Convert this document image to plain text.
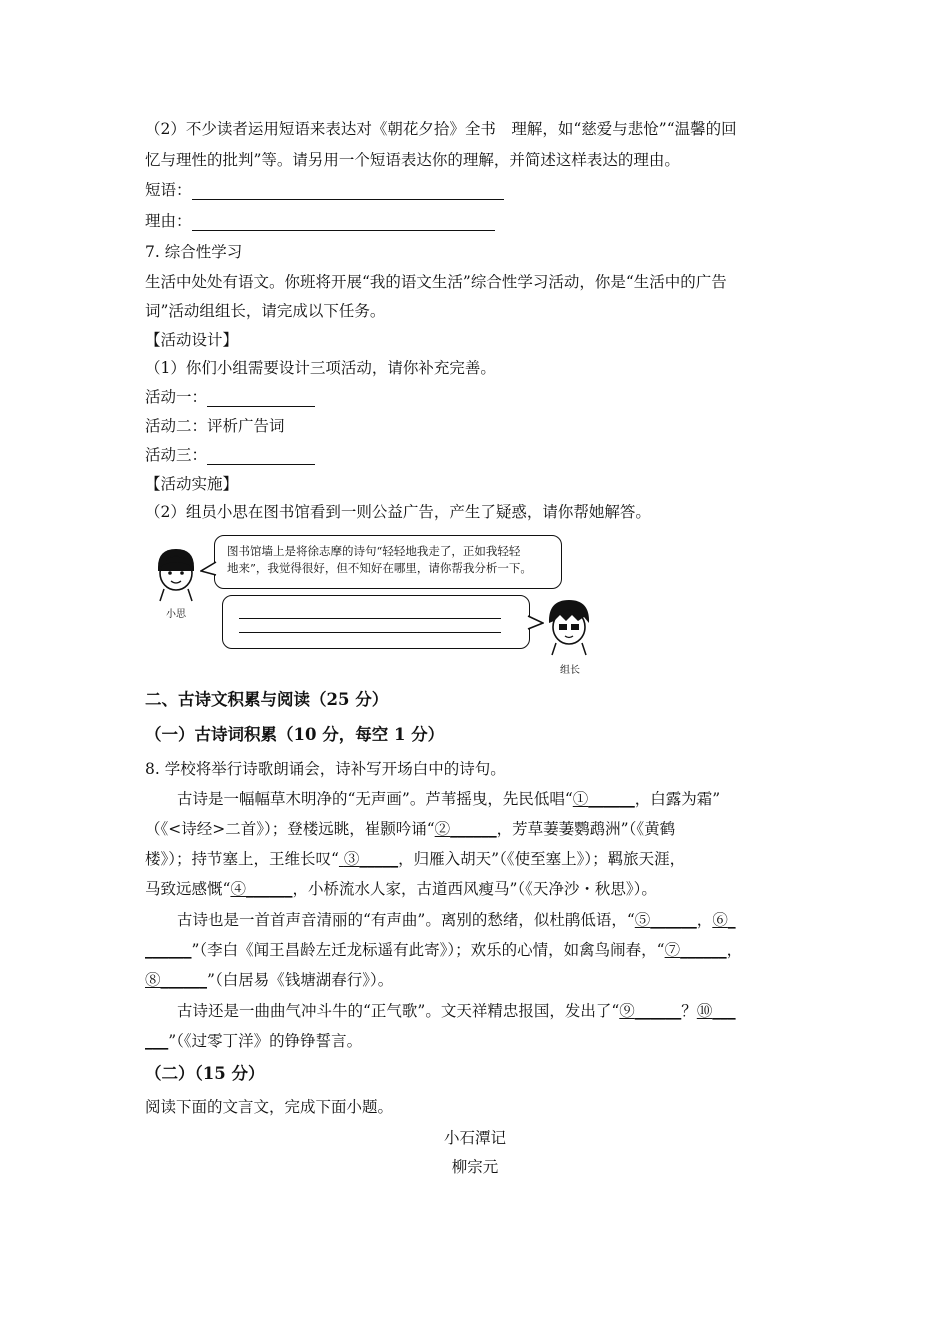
（2）不少读者运用短语来表达对《朝花夕拾》全书　理解，如“慈爱与悲怆”“温馨的回
忆与理性的批判”等。请另用一个短语表达你的理解，并简述这样表达的理由。
短语：
理由：
7. 综合性学习
生活中处处有语文。你班将开展“我的语文生活”综合性学习活动，你是“生活中的广告
词”活动组组长，请完成以下任务。
【活动设计】
（1）你们小组需要设计三项活动，请你补充完善。
活动一：
活动二：评析广告词
活动三：
【活动实施】
（2）组员小思在图书馆看到一则公益广告，产生了疑惑，请你帮她解答。
小思
图书馆墙上是将徐志摩的诗句“轻轻地我走了，正如我轻轻
地来”，我觉得很好，但不知好在哪里，请你帮我分析一下。
组长
二、古诗文积累与阅读（25 分）
（一）古诗词积累（10 分，每空 1 分）
8. 学校将举行诗歌朗诵会，诗补写开场白中的诗句。
古诗是一幅幅草木明净的“无声画”。芦苇摇曳，先民低唱“①______，白露为霜”
（《<诗经>二首》）；登楼远眺，崔颢吟诵“②______，芳草萋萋鹦鹉洲”（《黄鹤
楼》）；持节塞上，王维长叹“ ③_____，归雁入胡天”（《使至塞上》）；羁旅天涯，
马致远感慨“④______，小桥流水人家，古道西风瘦马”（《天净沙・秋思》）。
古诗也是一首首声音清丽的“有声曲”。离别的愁绪，似杜鹃低语，“⑤______，⑥_
______”（李白《闻王昌龄左迁龙标遥有此寄》）；欢乐的心情，如禽鸟闹春，“⑦______，
⑧______”（白居易《钱塘湖春行》）。
古诗还是一曲曲气冲斗牛的“正气歌”。文天祥精忠报国，发出了“⑨______？⑩___
___”（《过零丁洋》的铮铮誓言。
（二）（15 分）
阅读下面的文言文，完成下面小题。
小石潭记
柳宗元
